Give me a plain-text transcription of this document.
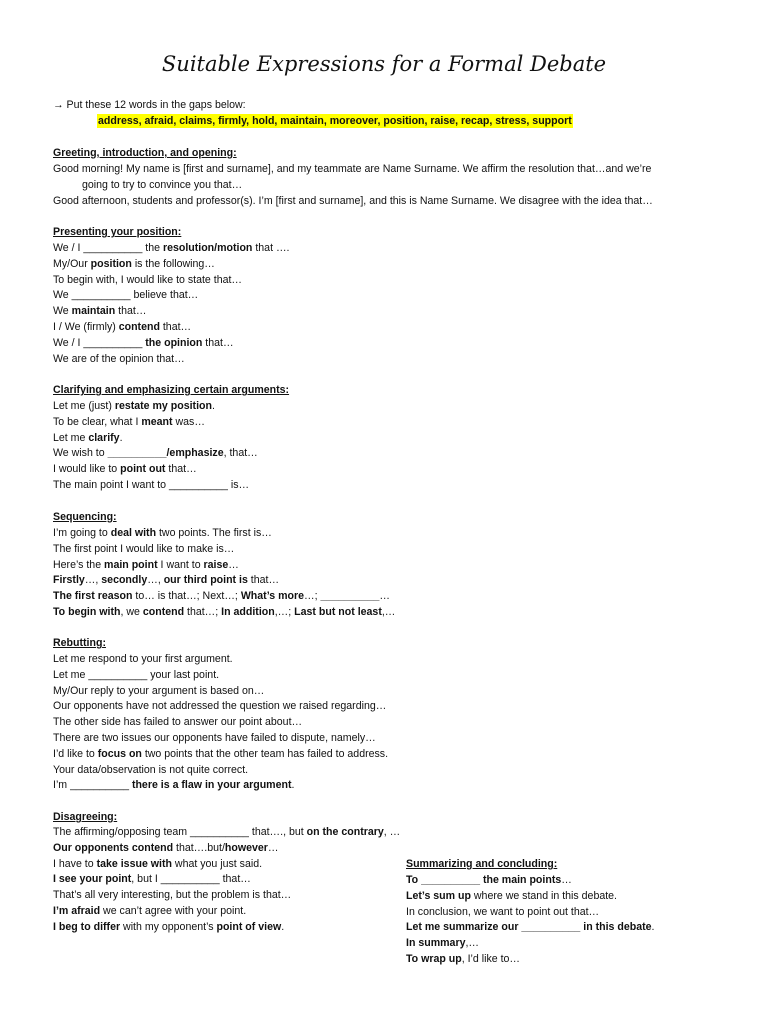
Suitable Expressions for a Formal Debate
→ Put these 12 words in the gaps below:
address, afraid, claims, firmly, hold, maintain, moreover, position, raise, recap, stress, support
Greeting, introduction, and opening:
Good morning! My name is [first and surname], and my teammate are Name Surname. We affirm the resolution that…and we’re
going to try to convince you that…
Good afternoon, students and professor(s). I’m [first and surname], and this is Name Surname. We disagree with the idea that…
Presenting your position:
We / I __________ the resolution/motion that ….
My/Our position is the following…
To begin with, I would like to state that…
We __________ believe that…
We maintain that…
I / We (firmly) contend that…
We / I __________ the opinion that…
We are of the opinion that…
Clarifying and emphasizing certain arguments:
Let me (just) restate my position.
To be clear, what I meant was…
Let me clarify.
We wish to __________/emphasize, that…
I would like to point out that…
The main point I want to __________ is…
Sequencing:
I’m going to deal with two points. The first is…
The first point I would like to make is…
Here’s the main point I want to raise…
Firstly…, secondly…, our third point is that…
The first reason to… is that…; Next…; What’s more…; __________…
To begin with, we contend that…; In addition,…; Last but not least,…
Rebutting:
Let me respond to your first argument.
Let me __________ your last point.
My/Our reply to your argument is based on…
Our opponents have not addressed the question we raised regarding…
The other side has failed to answer our point about…
There are two issues our opponents have failed to dispute, namely…
I’d like to focus on two points that the other team has failed to address.
Your data/observation is not quite correct.
I’m __________ there is a flaw in your argument.
Disagreeing:
The affirming/opposing team __________ that…., but on the contrary, …
Our opponents contend that….but/however…
I have to take issue with what you just said.
I see your point, but I __________ that…
That’s all very interesting, but the problem is that…
I’m afraid we can’t agree with your point.
I beg to differ with my opponent’s point of view.
Summarizing and concluding:
To __________ the main points…
Let’s sum up where we stand in this debate.
In conclusion, we want to point out that…
Let me summarize our __________ in this debate.
In summary,…
To wrap up, I’d like to…
